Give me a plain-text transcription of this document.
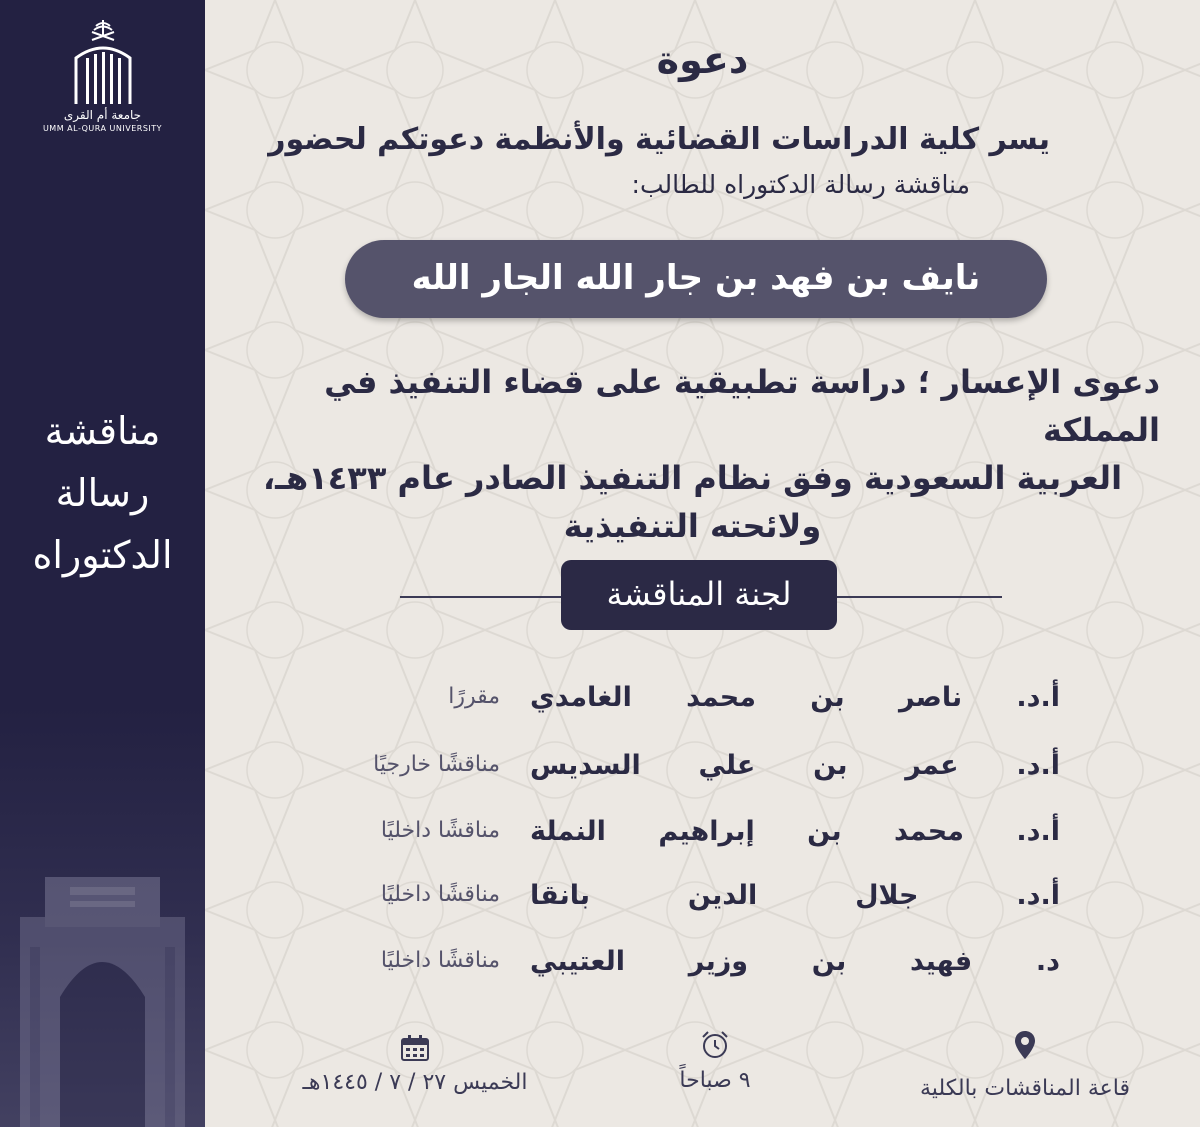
جامعة أم القرى
UMM AL-QURA UNIVERSITY
مناقشة
رسالة
الدكتوراه
دعوة
يسر كلية الدراسات القضائية والأنظمة دعوتكم لحضور
مناقشة رسالة الدكتوراه للطالب:
نايف بن فهد بن جار الله الجار الله
دعوى الإعسار ؛ دراسة تطبيقية على قضاء التنفيذ في المملكة
العربية السعودية وفق نظام التنفيذ الصادر عام ١٤٣٣هـ،
ولائحته التنفيذية
لجنة المناقشة
أ.د. ناصر بن محمد الغامدي
مقررًا
أ.د. عمر بن علي السديس
مناقشًا خارجيًا
أ.د. محمد بن إبراهيم النملة
مناقشًا داخليًا
أ.د. جلال الدين بانقا
مناقشًا داخليًا
د. فهيد بن وزير العتيبي
مناقشًا داخليًا
الخميس ٢٧ / ٧ / ١٤٤٥هـ	٩ صباحاً	قاعة المناقشات بالكلية
